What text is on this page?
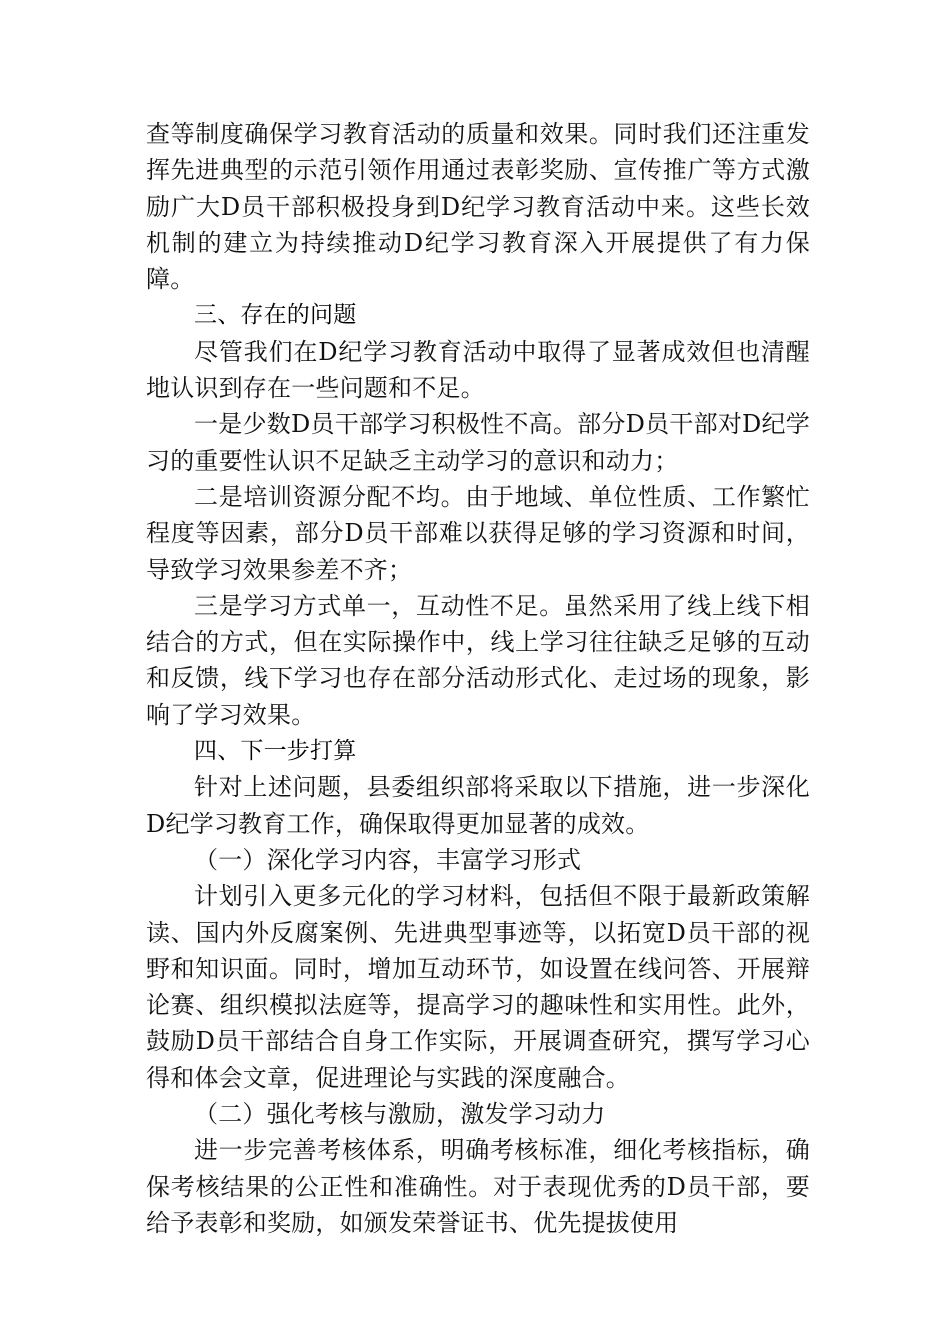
查等制度确保学习教育活动的质量和效果。同时我们还注重发挥先进典型的示范引领作用通过表彰奖励、宣传推广等方式激励广大D员干部积极投身到D纪学习教育活动中来。这些长效机制的建立为持续推动D纪学习教育深入开展提供了有力保障。

三、存在的问题

尽管我们在D纪学习教育活动中取得了显著成效但也清醒地认识到存在一些问题和不足。

一是少数D员干部学习积极性不高。部分D员干部对D纪学习的重要性认识不足缺乏主动学习的意识和动力；

二是培训资源分配不均。由于地域、单位性质、工作繁忙程度等因素，部分D员干部难以获得足够的学习资源和时间，导致学习效果参差不齐；

三是学习方式单一，互动性不足。虽然采用了线上线下相结合的方式，但在实际操作中，线上学习往往缺乏足够的互动和反馈，线下学习也存在部分活动形式化、走过场的现象，影响了学习效果。

四、下一步打算

针对上述问题，县委组织部将采取以下措施，进一步深化D纪学习教育工作，确保取得更加显著的成效。

（一）深化学习内容，丰富学习形式

计划引入更多元化的学习材料，包括但不限于最新政策解读、国内外反腐案例、先进典型事迹等，以拓宽D员干部的视野和知识面。同时，增加互动环节，如设置在线问答、开展辩论赛、组织模拟法庭等，提高学习的趣味性和实用性。此外，鼓励D员干部结合自身工作实际，开展调查研究，撰写学习心得和体会文章，促进理论与实践的深度融合。

（二）强化考核与激励，激发学习动力

进一步完善考核体系，明确考核标准，细化考核指标，确保考核结果的公正性和准确性。对于表现优秀的D员干部，要给予表彰和奖励，如颁发荣誉证书、优先提拔使用
